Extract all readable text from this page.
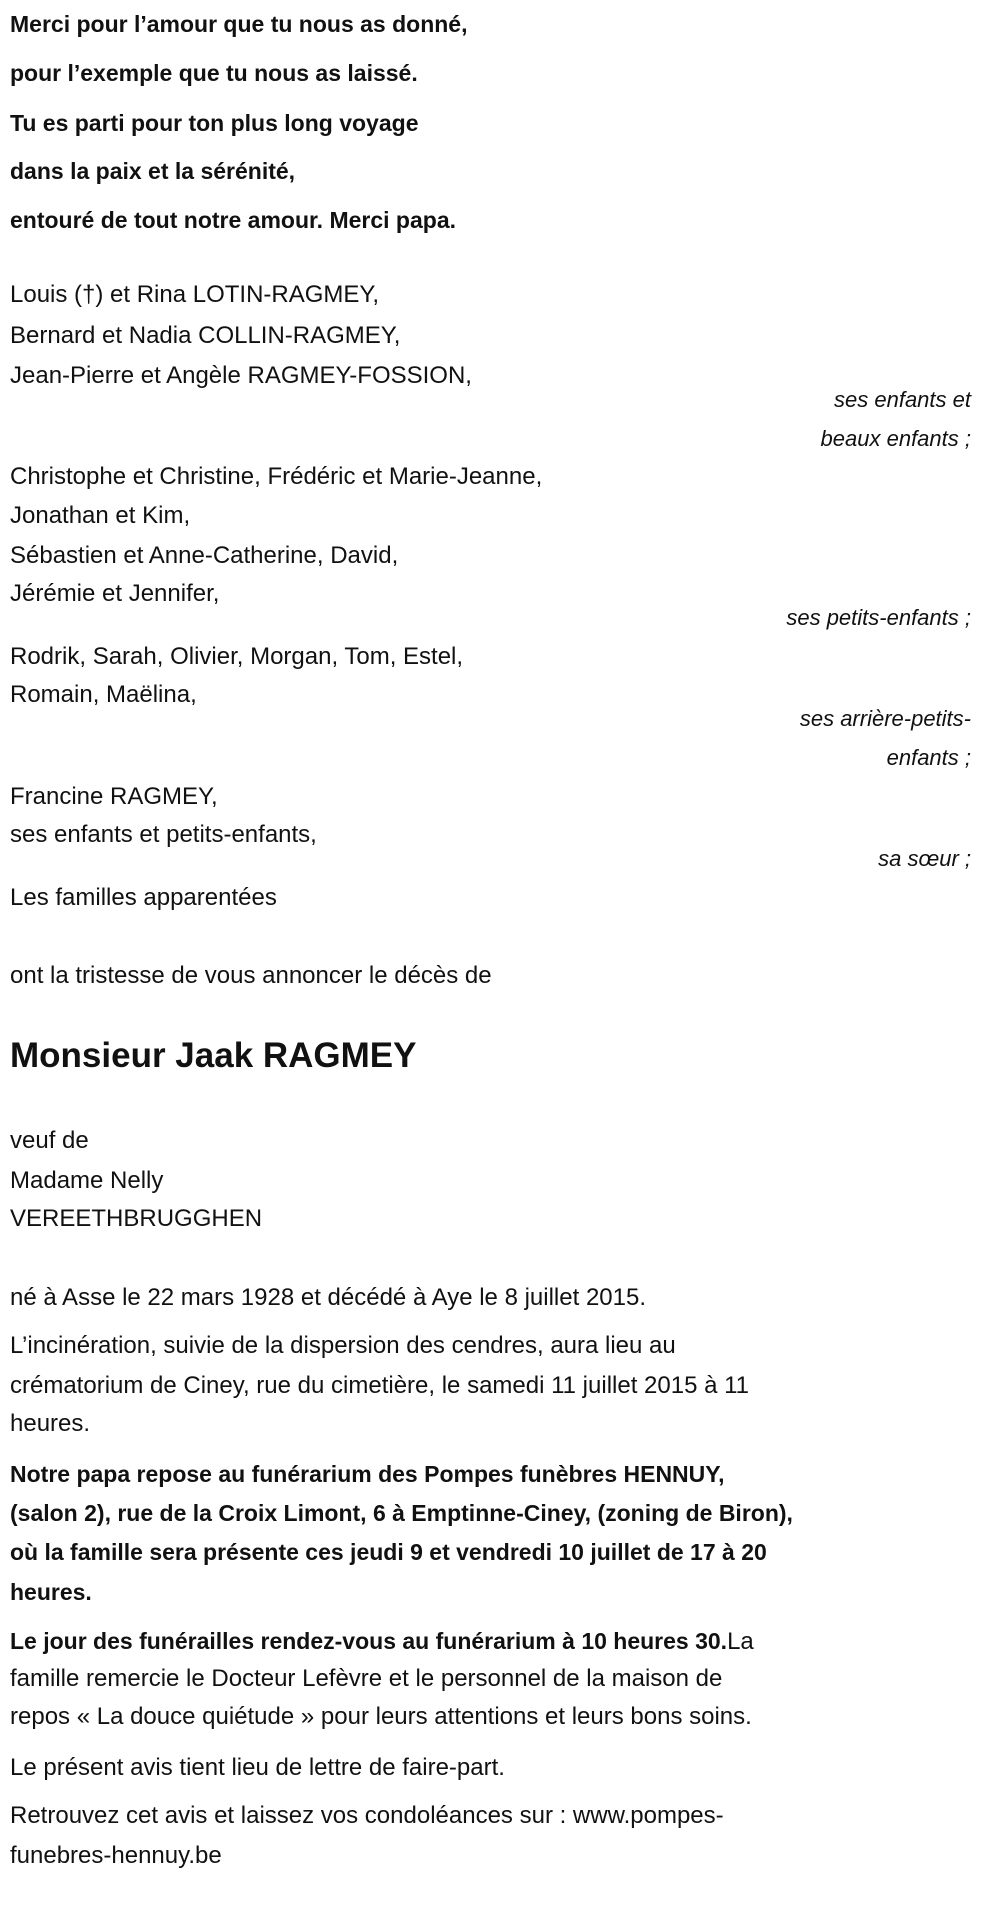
Merci pour l’amour que tu nous as donné,
pour l’exemple que tu nous as laissé.
Tu es parti pour ton plus long voyage
dans la paix et la sérénité,
entouré de tout notre amour. Merci papa.
Louis (†) et Rina LOTIN-RAGMEY,
Bernard et Nadia COLLIN-RAGMEY,
Jean-Pierre et Angèle RAGMEY-FOSSION,
ses enfants et
beaux enfants ;
Christophe et Christine, Frédéric et Marie-Jeanne,
Jonathan et Kim,
Sébastien et Anne-Catherine, David,
Jérémie et Jennifer,
ses petits-enfants ;
Rodrik, Sarah, Olivier, Morgan, Tom, Estel,
Romain, Maëlina,
ses arrière-petits-
enfants ;
Francine RAGMEY,
ses enfants et petits-enfants,
sa sœur ;
Les familles apparentées
ont la tristesse de vous annoncer le décès de
Monsieur Jaak RAGMEY
veuf de
Madame Nelly
VEREETHBRUGGHEN
né à Asse le 22 mars 1928 et décédé à Aye le 8 juillet 2015.
L’incinération, suivie de la dispersion des cendres, aura lieu au
crématorium de Ciney, rue du cimetière, le samedi 11 juillet 2015 à 11
heures.
Notre papa repose au funérarium des Pompes funèbres HENNUY,
(salon 2), rue de la Croix Limont, 6 à Emptinne-Ciney, (zoning de Biron),
où la famille sera présente ces jeudi 9 et vendredi 10 juillet de 17 à 20
heures.
Le jour des funérailles rendez-vous au funérarium à 10 heures 30.La
famille remercie le Docteur Lefèvre et le personnel de la maison de
repos « La douce quiétude » pour leurs attentions et leurs bons soins.
Le présent avis tient lieu de lettre de faire-part.
Retrouvez cet avis et laissez vos condoléances sur : www.pompes-
funebres-hennuy.be
